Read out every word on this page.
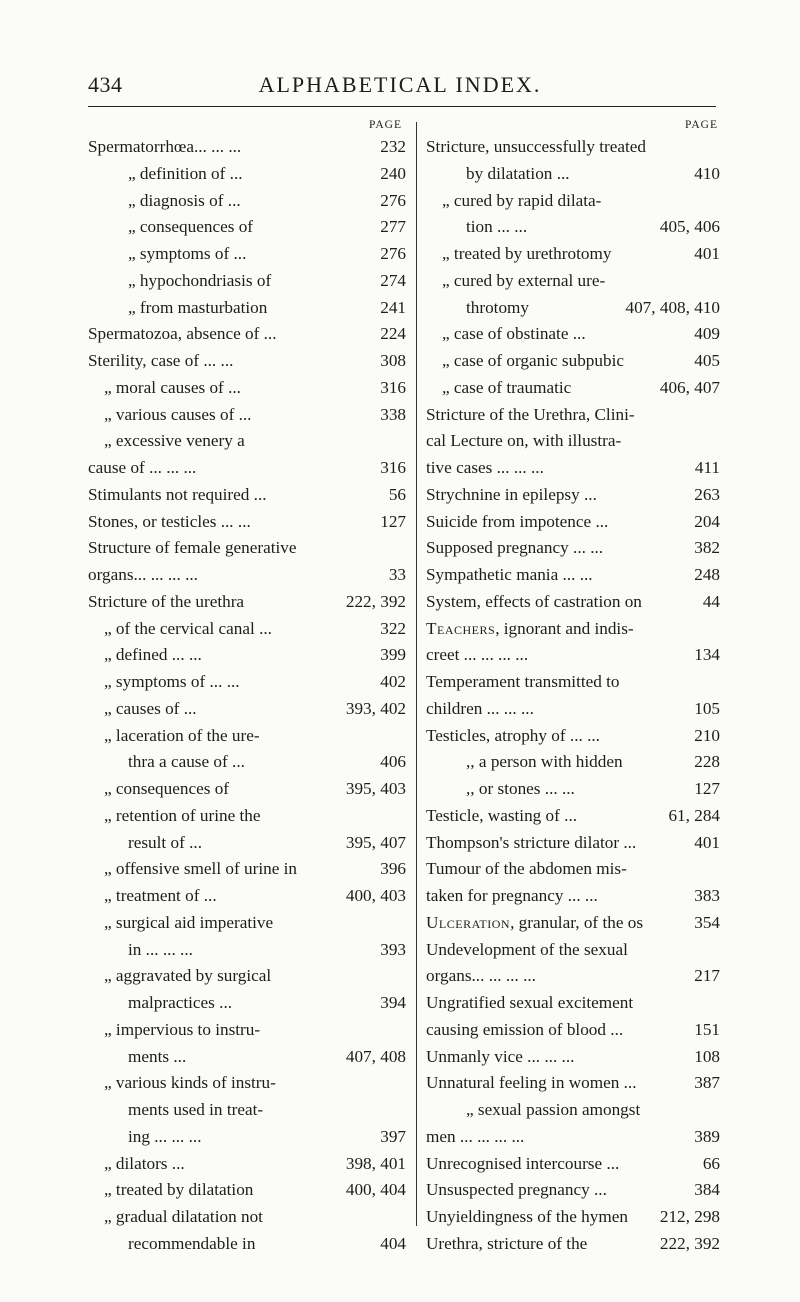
434	ALPHABETICAL INDEX.
PAGE
Spermatorrhœa... ... ...	232
„ definition of ...	240
„ diagnosis of ...	276
„ consequences of	277
„ symptoms of ...	276
„ hypochondriasis of	274
„ from masturbation	241
Spermatozoa, absence of ...	224
Sterility, case of ... ...	308
„ moral causes of ...	316
„ various causes of ...	338
„ excessive venery a
cause of ... ... ...	316
Stimulants not required ...	56
Stones, or testicles ... ...	127
Structure of female generative
organs... ... ... ...	33
Stricture of the urethra	222, 392
„ of the cervical canal ...	322
„ defined ... ...	399
„ symptoms of ... ...	402
„ causes of ...	393, 402
„ laceration of the ure-
thra a cause of ...	406
„ consequences of	395, 403
„ retention of urine the
result of ...	395, 407
„ offensive smell of urine in	396
„ treatment of ...	400, 403
„ surgical aid imperative
in ... ... ...	393
„ aggravated by surgical
malpractices ...	394
„ impervious to instru-
ments ...	407, 408
„ various kinds of instru-
ments used in treat-
ing ... ... ...	397
„ dilators ...	398, 401
„ treated by dilatation	400, 404
„ gradual dilatation not
recommendable in	404
PAGE
Stricture, unsuccessfully treated
by dilatation ...	410
„ cured by rapid dilata-
tion ... ...	405, 406
„ treated by urethrotomy	401
„ cured by external ure-
throtomy	407, 408, 410
„ case of obstinate ...	409
„ case of organic subpubic	405
„ case of traumatic	406, 407
Stricture of the Urethra, Clini-
cal Lecture on, with illustra-
tive cases ... ... ...	411
Strychnine in epilepsy ...	263
Suicide from impotence ...	204
Supposed pregnancy ... ...	382
Sympathetic mania ... ...	248
System, effects of castration on	44
Teachers, ignorant and indis-
creet ... ... ... ...	134
Temperament transmitted to
children ... ... ...	105
Testicles, atrophy of ... ...	210
,, a person with hidden	228
,, or stones ... ...	127
Testicle, wasting of ...	61, 284
Thompson's stricture dilator ...	401
Tumour of the abdomen mis-
taken for pregnancy ... ...	383
Ulceration, granular, of the os	354
Undevelopment of the sexual
organs... ... ... ...	217
Ungratified sexual excitement
causing emission of blood ...	151
Unmanly vice ... ... ...	108
Unnatural feeling in women ...	387
„ sexual passion amongst
men ... ... ... ...	389
Unrecognised intercourse ...	66
Unsuspected pregnancy ...	384
Unyieldingness of the hymen 212, 298
Urethra, stricture of the	222, 392
